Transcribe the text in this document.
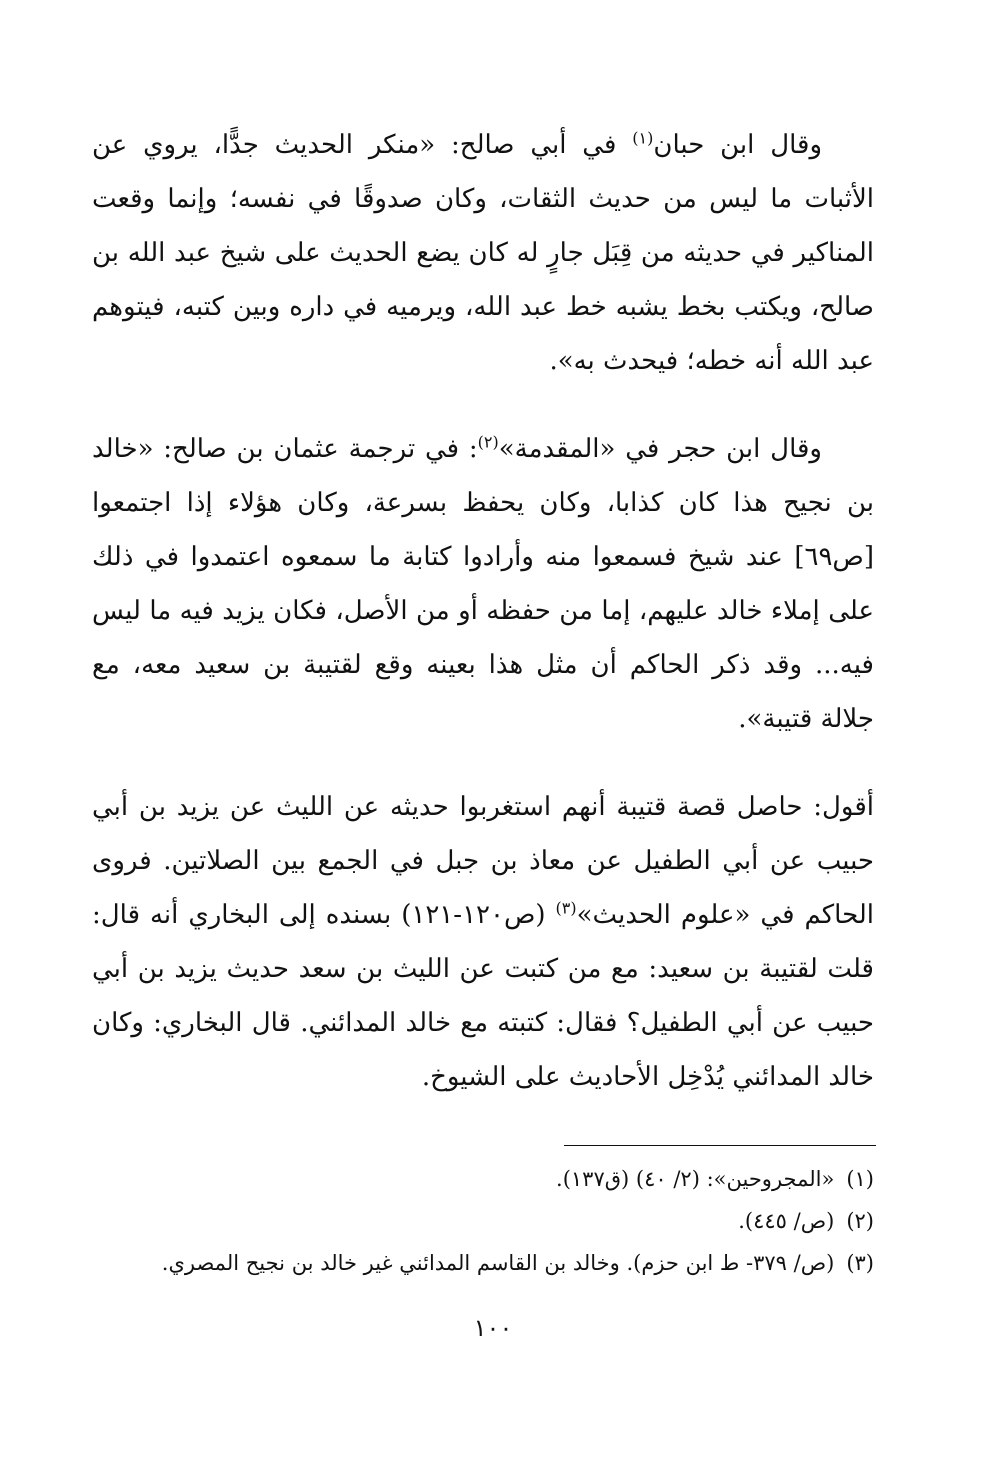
وقال ابن حبان$^{(١)}$ في أبي صالح: «منكر الحديث جدًّا، يروي عن الأثبات ما ليس من حديث الثقات، وكان صدوقًا في نفسه؛ وإنما وقعت المناكير في حديثه من قِبَل جارٍ له كان يضع الحديث على شيخ عبد الله بن صالح، ويكتب بخط يشبه خط عبد الله، ويرميه في داره وبين كتبه، فيتوهم عبد الله أنه خطه؛ فيحدث به».

وقال ابن حجر في «المقدمة»$^{(٢)}$: في ترجمة عثمان بن صالح: «خالد بن نجيح هذا كان كذابا، وكان يحفظ بسرعة، وكان هؤلاء إذا اجتمعوا [ص٦٩] عند شيخ فسمعوا منه وأرادوا كتابة ما سمعوه اعتمدوا في ذلك على إملاء خالد عليهم، إما من حفظه أو من الأصل، فكان يزيد فيه ما ليس فيه... وقد ذكر الحاكم أن مثل هذا بعينه وقع لقتيبة بن سعيد معه، مع جلالة قتيبة».

أقول: حاصل قصة قتيبة أنهم استغربوا حديثه عن الليث عن يزيد بن أبي حبيب عن أبي الطفيل عن معاذ بن جبل في الجمع بين الصلاتين. فروى الحاكم في «علوم الحديث»$^{(٣)}$ (ص١٢٠-١٢١) بسنده إلى البخاري أنه قال: قلت لقتيبة بن سعيد: مع من كتبت عن الليث بن سعد حديث يزيد بن أبي حبيب عن أبي الطفيل؟ فقال: كتبته مع خالد المدائني. قال البخاري: وكان خالد المدائني يُدْخِل الأحاديث على الشيوخ.

(١)«المجروحين»: (٢/ ٤٠) (ق١٣٧).

(٢)(ص/ ٤٤٥).

(٣)(ص/ ٣٧٩- ط ابن حزم). وخالد بن القاسم المدائني غير خالد بن نجيح المصري.

١٠٠
